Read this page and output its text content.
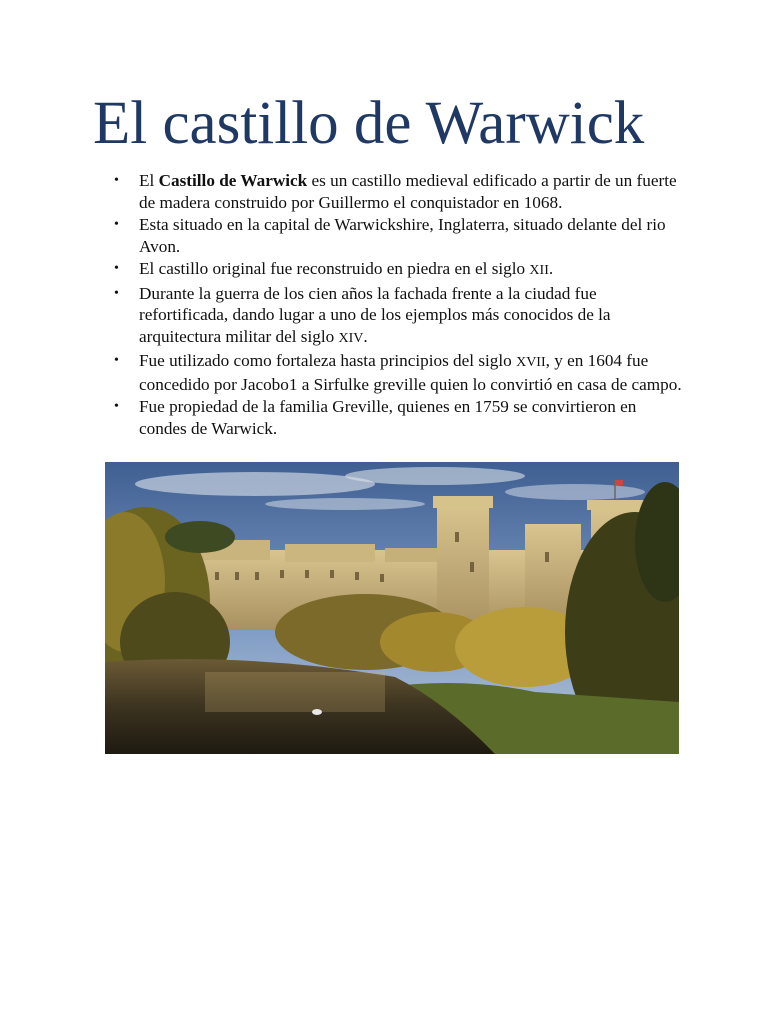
El castillo de Warwick
• El Castillo de Warwick es un castillo medieval edificado a partir de un fuerte de madera construido por Guillermo el conquistador en 1068.
• Esta situado en la capital de Warwickshire, Inglaterra, situado delante del rio Avon.
• El castillo original fue reconstruido en piedra en el siglo XII.
• Durante la guerra de los cien años la fachada frente a la ciudad fue refortificada, dando lugar a uno de los ejemplos más conocidos de la arquitectura militar del siglo XIV.
• Fue utilizado como fortaleza hasta principios del siglo XVII, y en 1604 fue concedido por Jacobo1 a Sirfulke greville quien lo convirtió en casa de campo.
• Fue propiedad de la familia Greville, quienes en 1759 se convirtieron en condes de Warwick.
